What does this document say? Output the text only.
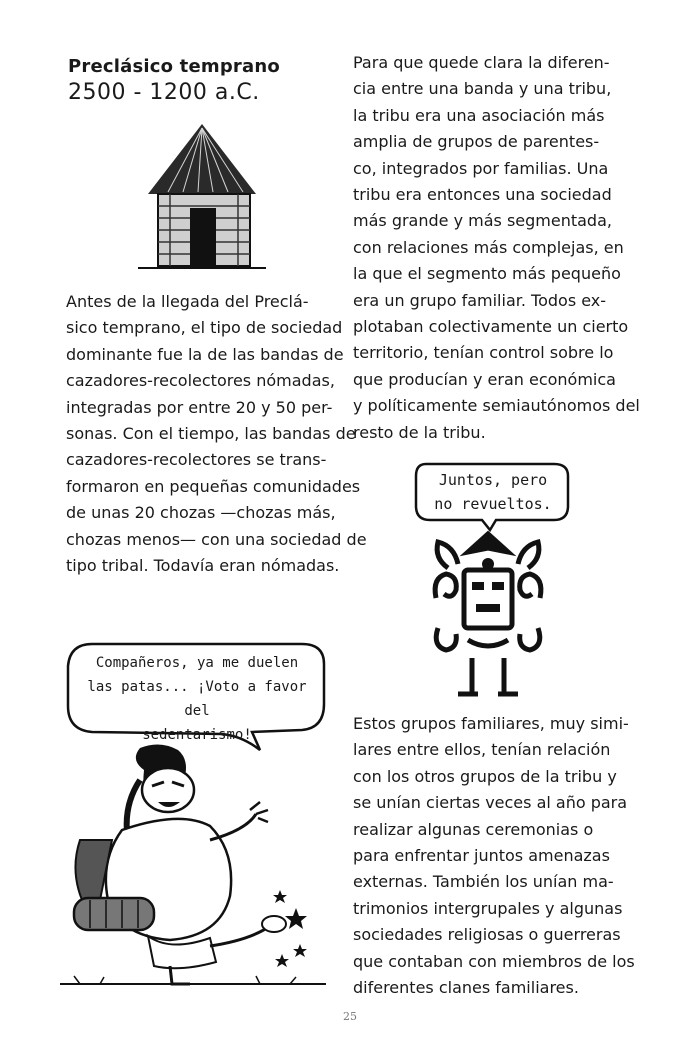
Preclásico temprano
2500 - 1200 a.C.
Antes de la llegada del Preclá-
sico temprano, el tipo de sociedad
dominante fue la de las bandas de
cazadores-recolectores nómadas,
integradas por entre 20 y 50 per-
sonas. Con el tiempo, las bandas de
cazadores-recolectores se trans-
formaron en pequeñas comunidades
de unas 20 chozas —chozas más,
chozas menos— con una sociedad de
tipo tribal. Todavía eran nómadas.
Para que quede clara la diferen-
cia entre una banda y una tribu,
la tribu era una asociación más
amplia de grupos de parentes-
co, integrados por familias. Una
tribu era entonces una sociedad
más grande y más segmentada,
con relaciones más complejas, en
la que el segmento más pequeño
era un grupo familiar. Todos ex-
plotaban colectivamente un cierto
territorio, tenían control sobre lo
que producían y eran económica
y políticamente semiautónomos del
resto de la tribu.
Juntos, pero
no revueltos.
Estos grupos familiares, muy simi-
lares entre ellos, tenían relación
con los otros grupos de la tribu y
se unían ciertas veces al año para
realizar algunas ceremonias o
para enfrentar juntos amenazas
externas. También los unían ma-
trimonios intergrupales y algunas
sociedades religiosas o guerreras
que contaban con miembros de los
diferentes clanes familiares.
Compañeros, ya me duelen
las patas... ¡Voto a favor del
sedentarismo!
25
